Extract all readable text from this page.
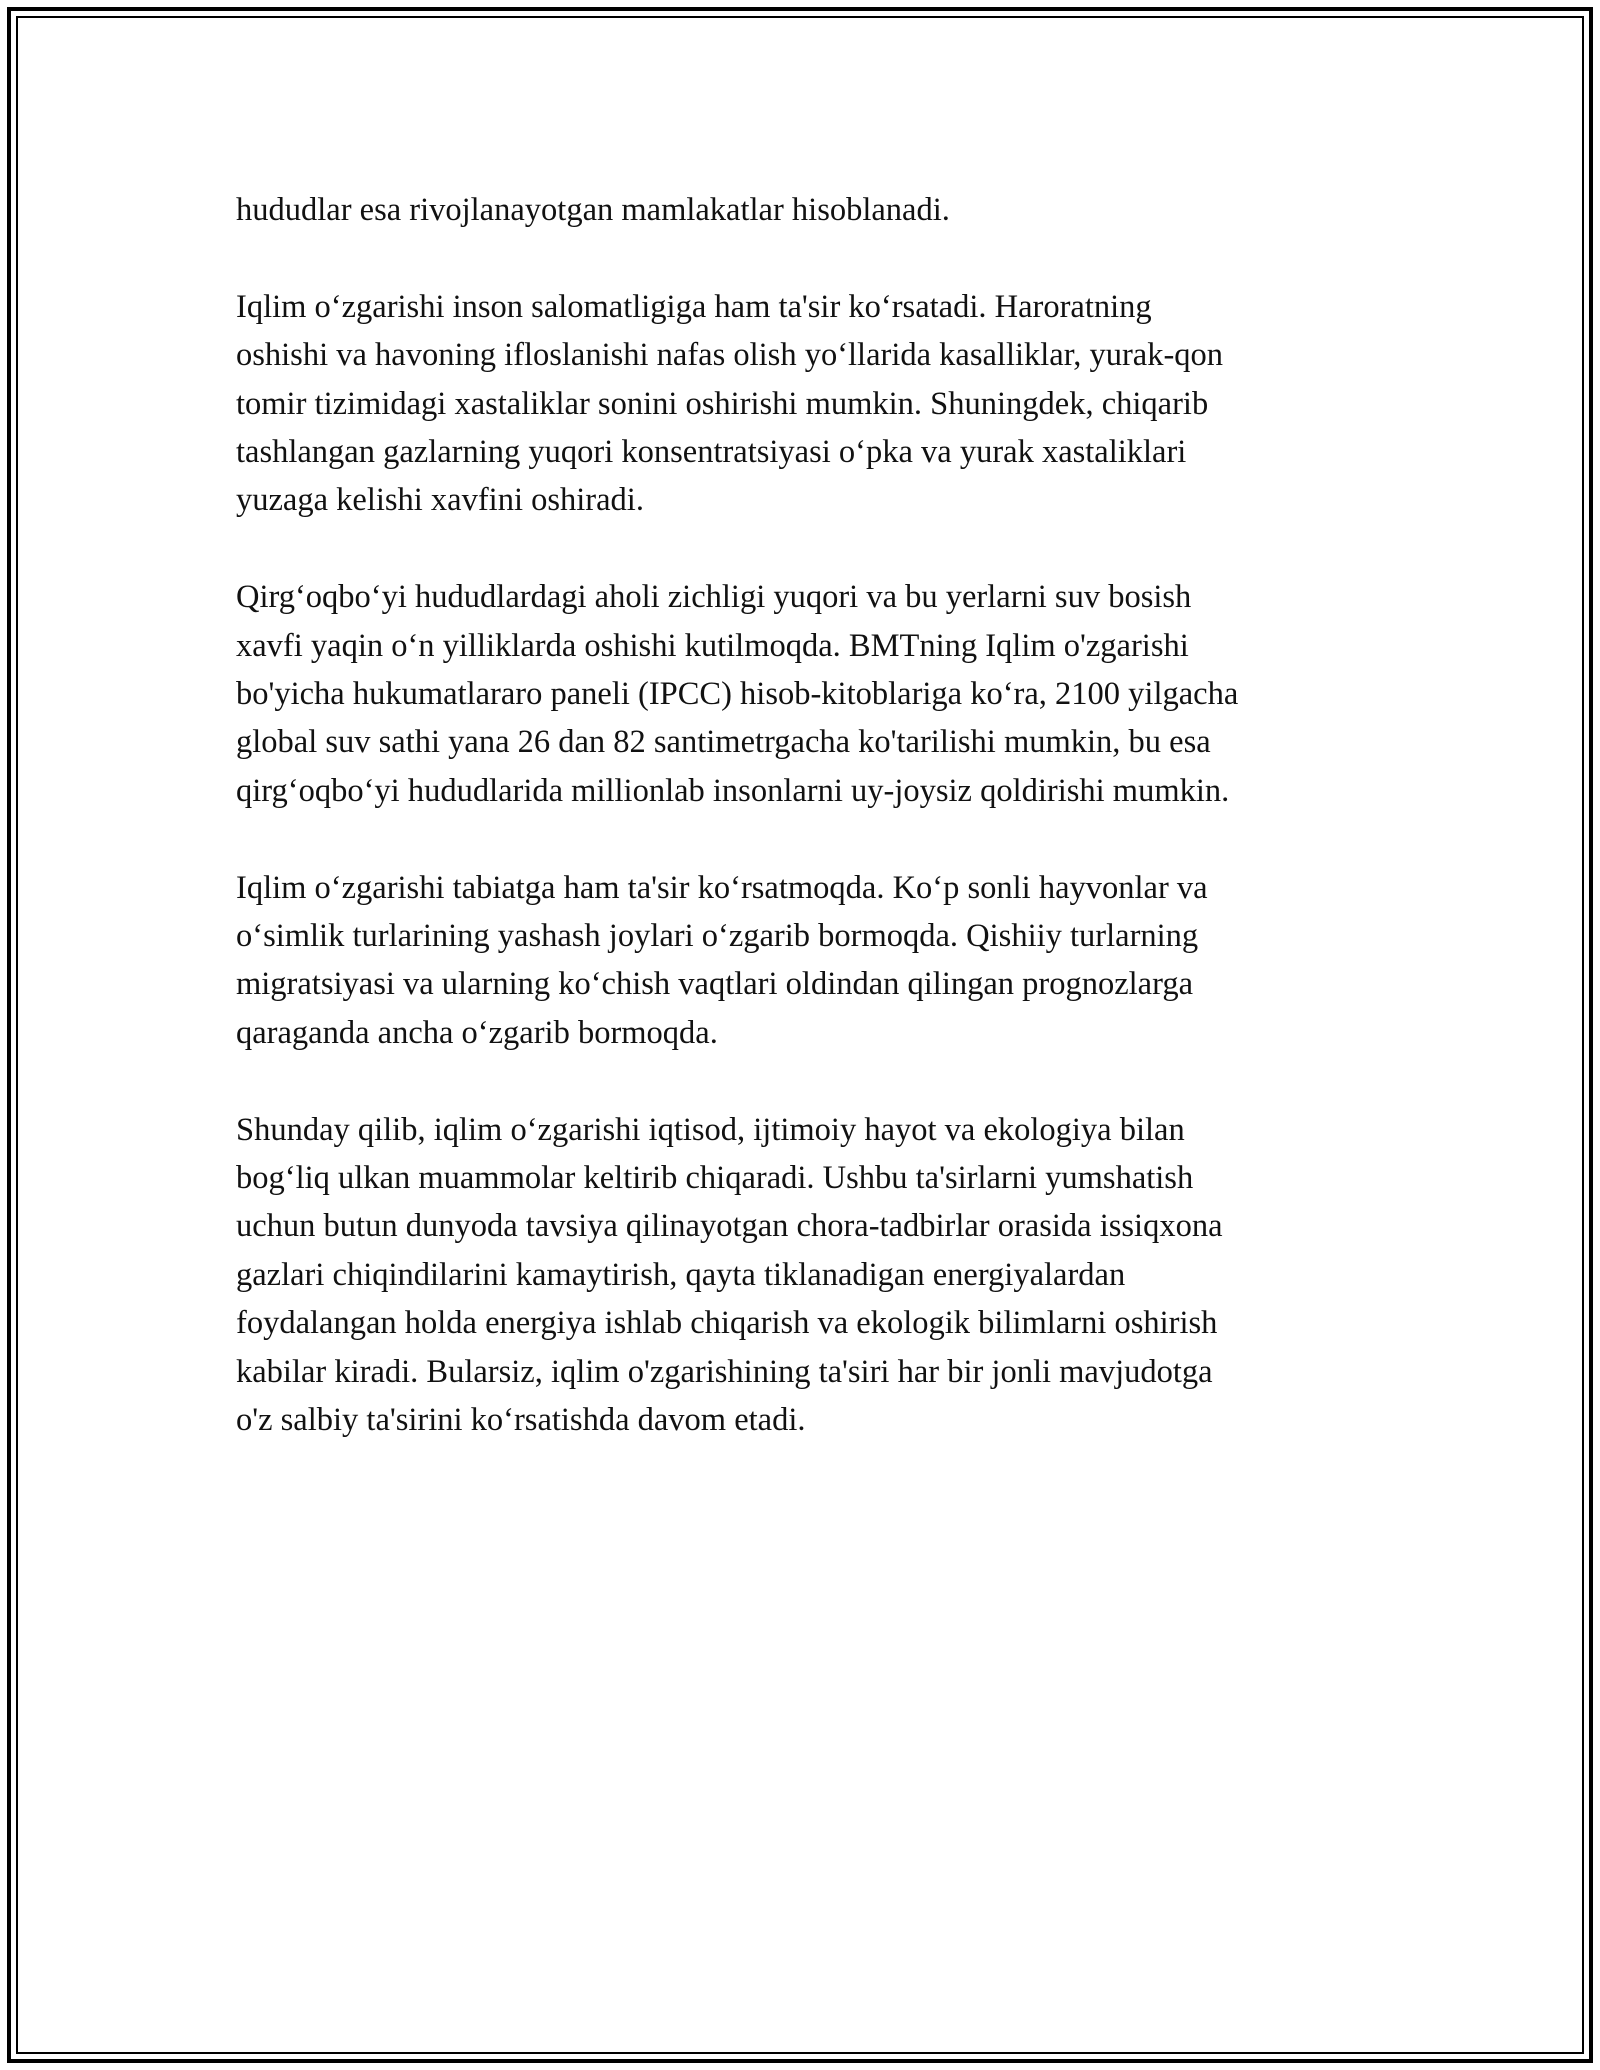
hududlar esa rivojlanayotgan mamlakatlar hisoblanadi.

Iqlim o‘zgarishi inson salomatligiga ham ta'sir ko‘rsatadi. Haroratning
oshishi va havoning ifloslanishi nafas olish yo‘llarida kasalliklar, yurak-qon
tomir tizimidagi xastaliklar sonini oshirishi mumkin. Shuningdek, chiqarib
tashlangan gazlarning yuqori konsentratsiyasi o‘pka va yurak xastaliklari
yuzaga kelishi xavfini oshiradi.

Qirg‘oqbo‘yi hududlardagi aholi zichligi yuqori va bu yerlarni suv bosish
xavfi yaqin o‘n yilliklarda oshishi kutilmoqda. BMTning Iqlim o'zgarishi
bo'yicha hukumatlararo paneli (IPCC) hisob-kitoblariga ko‘ra, 2100 yilgacha
global suv sathi yana 26 dan 82 santimetrgacha ko'tarilishi mumkin, bu esa
qirg‘oqbo‘yi hududlarida millionlab insonlarni uy-joysiz qoldirishi mumkin.

Iqlim o‘zgarishi tabiatga ham ta'sir ko‘rsatmoqda. Ko‘p sonli hayvonlar va
o‘simlik turlarining yashash joylari o‘zgarib bormoqda. Qishiiy turlarning
migratsiyasi va ularning ko‘chish vaqtlari oldindan qilingan prognozlarga
qaraganda ancha o‘zgarib bormoqda.

Shunday qilib, iqlim o‘zgarishi iqtisod, ijtimoiy hayot va ekologiya bilan
bog‘liq ulkan muammolar keltirib chiqaradi. Ushbu ta'sirlarni yumshatish
uchun butun dunyoda tavsiya qilinayotgan chora-tadbirlar orasida issiqxona
gazlari chiqindilarini kamaytirish, qayta tiklanadigan energiyalardan
foydalangan holda energiya ishlab chiqarish va ekologik bilimlarni oshirish
kabilar kiradi. Bularsiz, iqlim o'zgarishining ta'siri har bir jonli mavjudotga
o'z salbiy ta'sirini ko‘rsatishda davom etadi.
